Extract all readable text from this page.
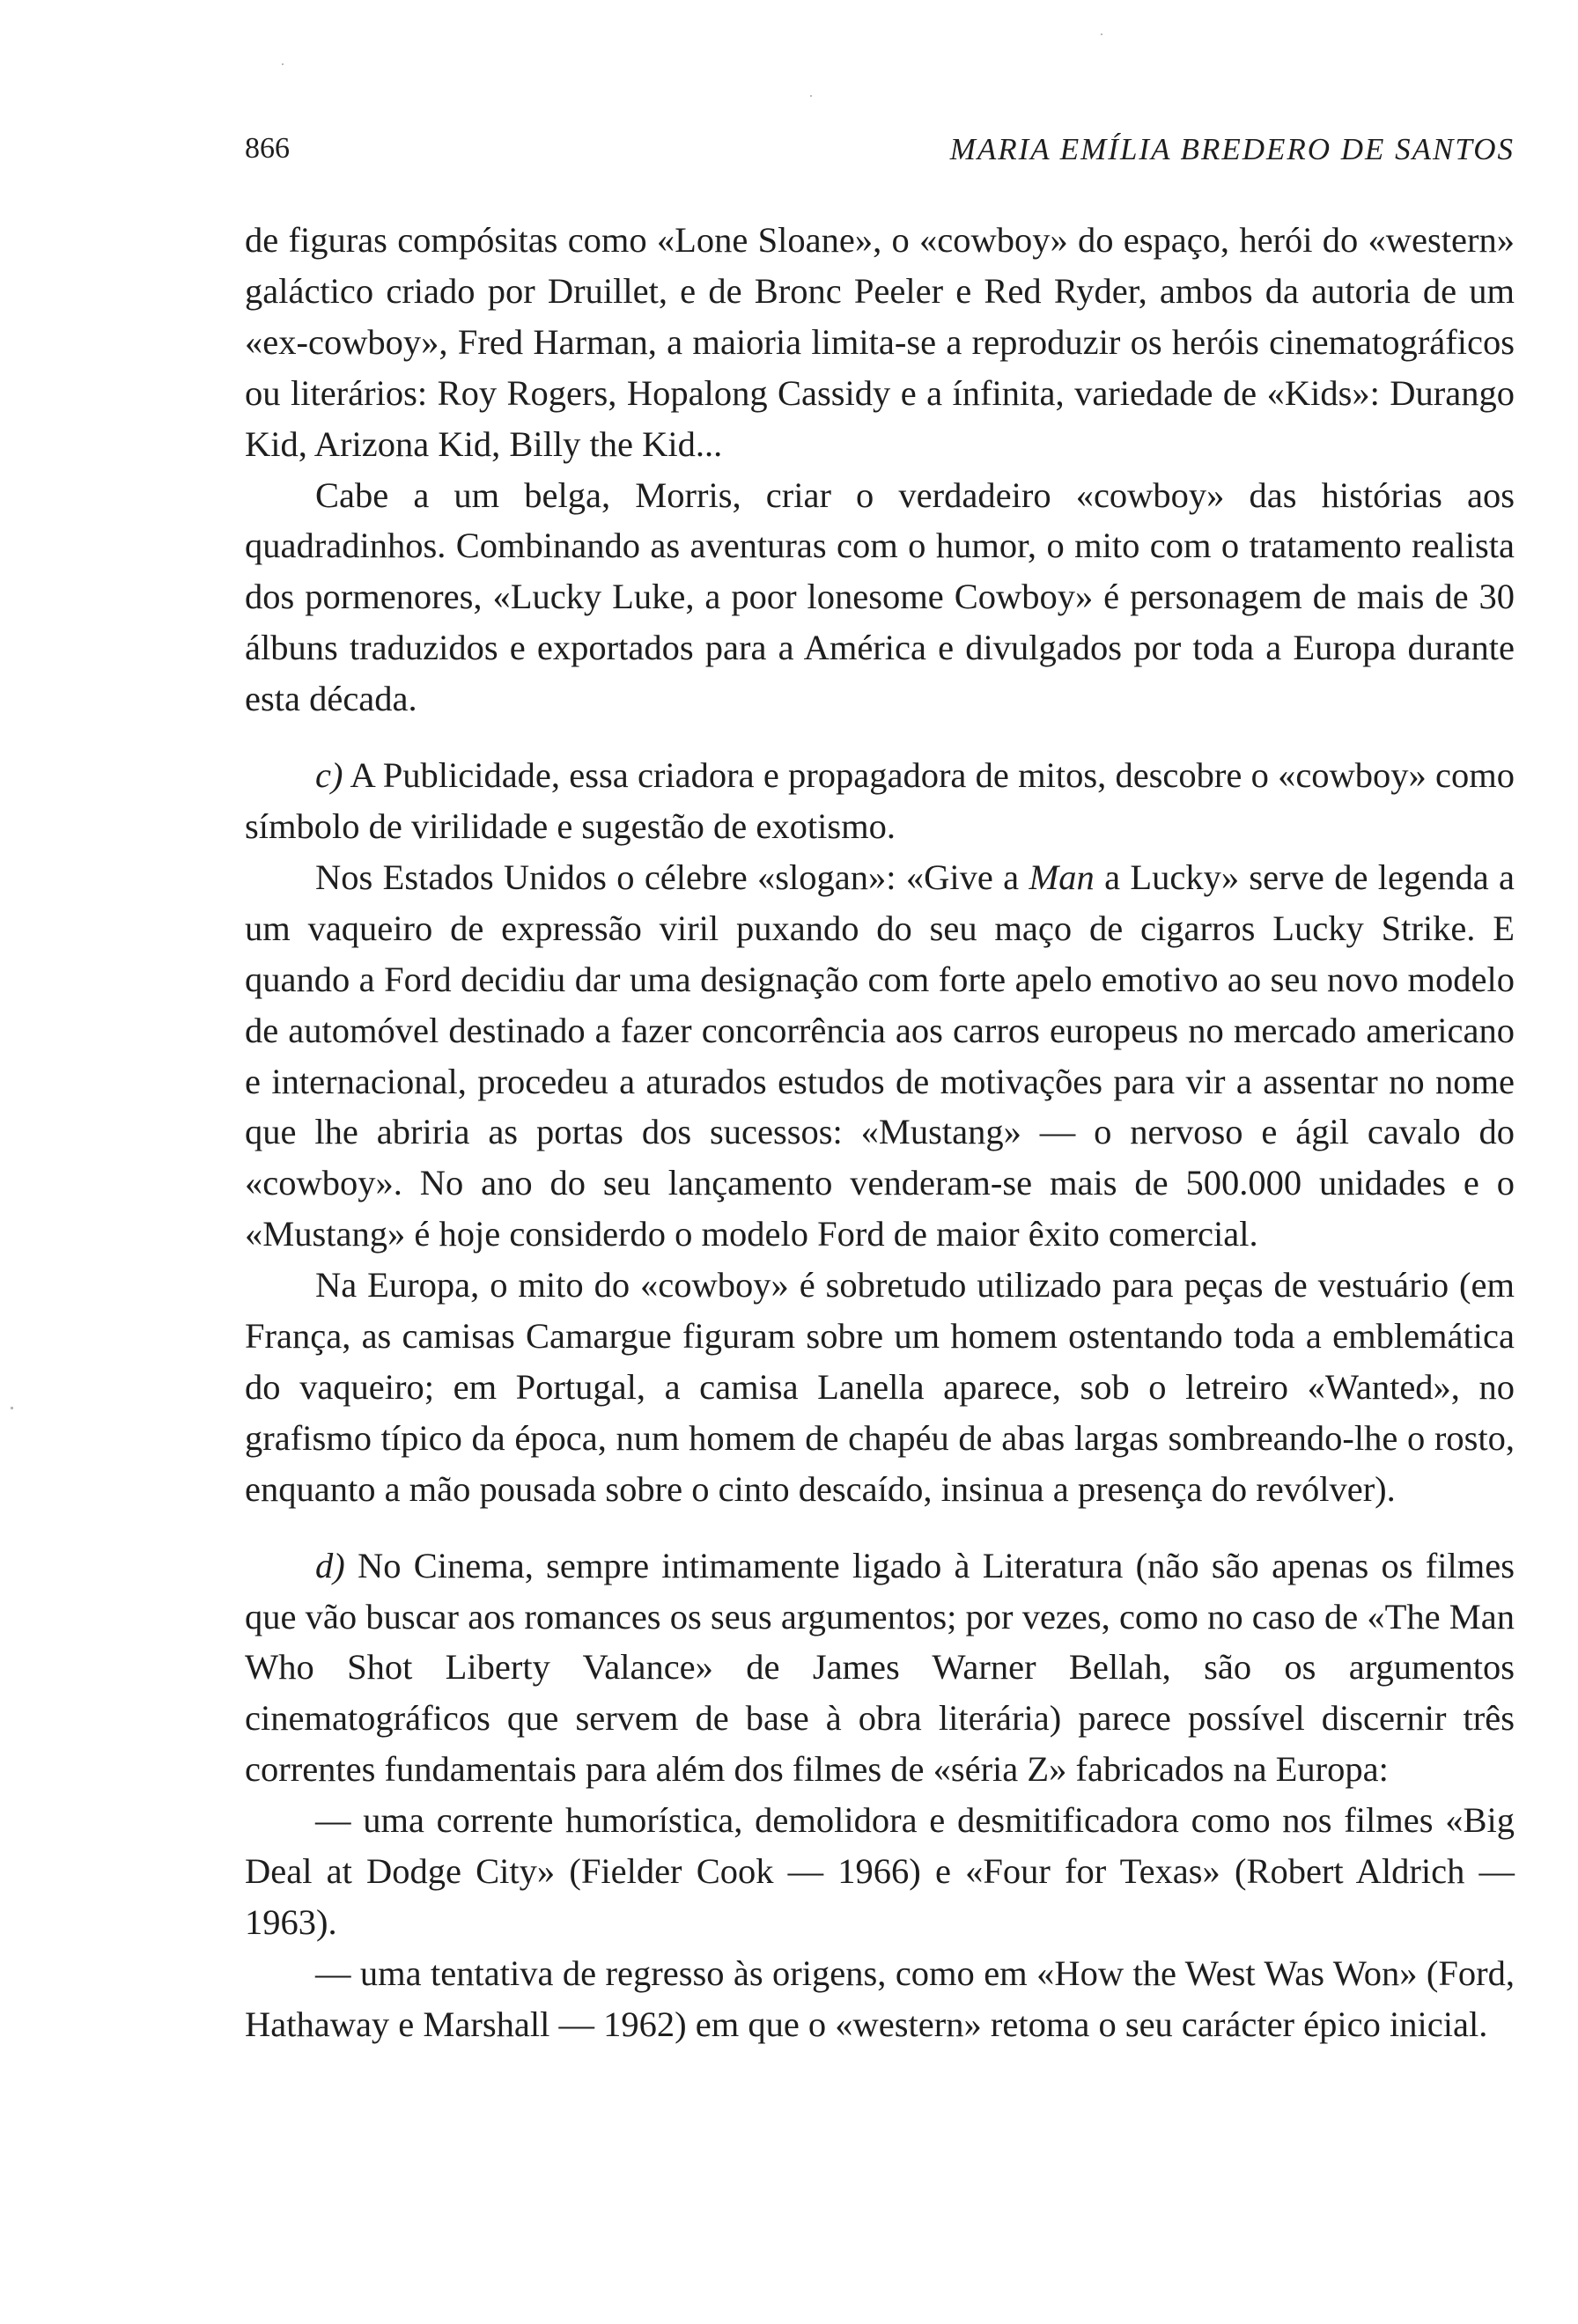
866	MARIA EMÍLIA BREDERO DE SANTOS

de figuras compósitas como «Lone Sloane», o «cowboy» do espaço, herói do «western» galáctico criado por Druillet, e de Bronc Peeler e Red Ryder, ambos da autoria de um «ex-cowboy», Fred Harman, a maioria limita-se a reproduzir os heróis cinematográficos ou literários: Roy Rogers, Hopalong Cassidy e a ínfinita, variedade de «Kids»: Durango Kid, Arizona Kid, Billy the Kid...

Cabe a um belga, Morris, criar o verdadeiro «cowboy» das histórias aos quadradinhos. Combinando as aventuras com o humor, o mito com o tratamento realista dos pormenores, «Lucky Luke, a poor lonesome Cowboy» é personagem de mais de 30 álbuns traduzidos e exportados para a América e divulgados por toda a Europa durante esta década.

c) A Publicidade, essa criadora e propagadora de mitos, descobre o «cowboy» como símbolo de virilidade e sugestão de exotismo.

Nos Estados Unidos o célebre «slogan»: «Give a Man a Lucky» serve de legenda a um vaqueiro de expressão viril puxando do seu maço de cigarros Lucky Strike. E quando a Ford decidiu dar uma designação com forte apelo emotivo ao seu novo modelo de automóvel destinado a fazer concorrência aos carros europeus no mercado americano e internacional, procedeu a aturados estudos de motivações para vir a assentar no nome que lhe abriria as portas dos sucessos: «Mustang» — o nervoso e ágil cavalo do «cowboy». No ano do seu lançamento venderam-se mais de 500.000 unidades e o «Mustang» é hoje considerdo o modelo Ford de maior êxito comercial.

Na Europa, o mito do «cowboy» é sobretudo utilizado para peças de vestuário (em França, as camisas Camargue figuram sobre um homem ostentando toda a emblemática do vaqueiro; em Portugal, a camisa Lanella aparece, sob o letreiro «Wanted», no grafismo típico da época, num homem de chapéu de abas largas sombreando-lhe o rosto, enquanto a mão pousada sobre o cinto descaído, insinua a presença do revólver).

d) No Cinema, sempre intimamente ligado à Literatura (não são apenas os filmes que vão buscar aos romances os seus argumentos; por vezes, como no caso de «The Man Who Shot Liberty Valance» de James Warner Bellah, são os argumentos cinematográficos que servem de base à obra literária) parece possível discernir três correntes fundamentais para além dos filmes de «séria Z» fabricados na Europa:

— uma corrente humorística, demolidora e desmitificadora como nos filmes «Big Deal at Dodge City» (Fielder Cook — 1966) e «Four for Texas» (Robert Aldrich — 1963).

— uma tentativa de regresso às origens, como em «How the West Was Won» (Ford, Hathaway e Marshall — 1962) em que o «western» retoma o seu carácter épico inicial.
